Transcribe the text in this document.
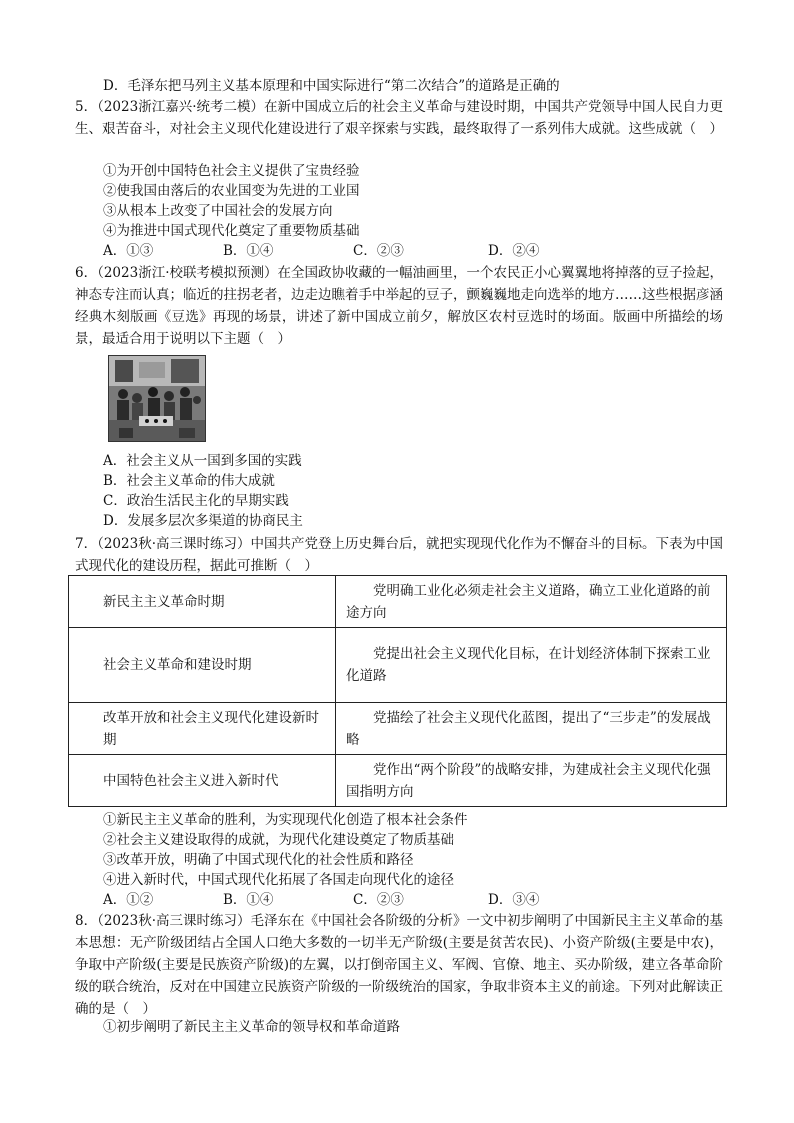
D．毛泽东把马列主义基本原理和中国实际进行“第二次结合”的道路是正确的
5．（2023浙江嘉兴·统考二模）在新中国成立后的社会主义革命与建设时期，中国共产党领导中国人民自力更生、艰苦奋斗，对社会主义现代化建设进行了艰辛探索与实践，最终取得了一系列伟大成就。这些成就（　）
①为开创中国特色社会主义提供了宝贵经验
②使我国由落后的农业国变为先进的工业国
③从根本上改变了中国社会的发展方向
④为推进中国式现代化奠定了重要物质基础
A．①③	B．①④	C．②③	D．②④
6．（2023浙江·校联考模拟预测）在全国政协收藏的一幅油画里，一个农民正小心翼翼地将掉落的豆子捡起，神态专注而认真；临近的拄拐老者，边走边瞧着手中举起的豆子，颤巍巍地走向选举的地方……这些根据彦涵经典木刻版画《豆选》再现的场景，讲述了新中国成立前夕，解放区农村豆选时的场面。版画中所描绘的场景，最适合用于说明以下主题（　）
A．社会主义从一国到多国的实践
B．社会主义革命的伟大成就
C．政治生活民主化的早期实践
D．发展多层次多渠道的协商民主
7．（2023秋·高三课时练习）中国共产党登上历史舞台后，就把实现现代化作为不懈奋斗的目标。下表为中国式现代化的建设历程，据此可推断（　）
新民主主义革命时期	党明确工业化必须走社会主义道路，确立工业化道路的前途方向
社会主义革命和建设时期	党提出社会主义现代化目标，在计划经济体制下探索工业化道路
改革开放和社会主义现代化建设新时期	党描绘了社会主义现代化蓝图，提出了“三步走”的发展战略
中国特色社会主义进入新时代	党作出“两个阶段”的战略安排，为建成社会主义现代化强国指明方向
①新民主主义革命的胜利，为实现现代化创造了根本社会条件
②社会主义建设取得的成就，为现代化建设奠定了物质基础
③改革开放，明确了中国式现代化的社会性质和路径
④进入新时代，中国式现代化拓展了各国走向现代化的途径
A．①②	B．①④	C．②③	D．③④
8．（2023秋·高三课时练习）毛泽东在《中国社会各阶级的分析》一文中初步阐明了中国新民主主义革命的基本思想：无产阶级团结占全国人口绝大多数的一切半无产阶级(主要是贫苦农民)、小资产阶级(主要是中农)，争取中产阶级(主要是民族资产阶级)的左翼，以打倒帝国主义、军阀、官僚、地主、买办阶级，建立各革命阶级的联合统治，反对在中国建立民族资产阶级的一阶级统治的国家，争取非资本主义的前途。下列对此解读正确的是（　）
①初步阐明了新民主主义革命的领导权和革命道路
